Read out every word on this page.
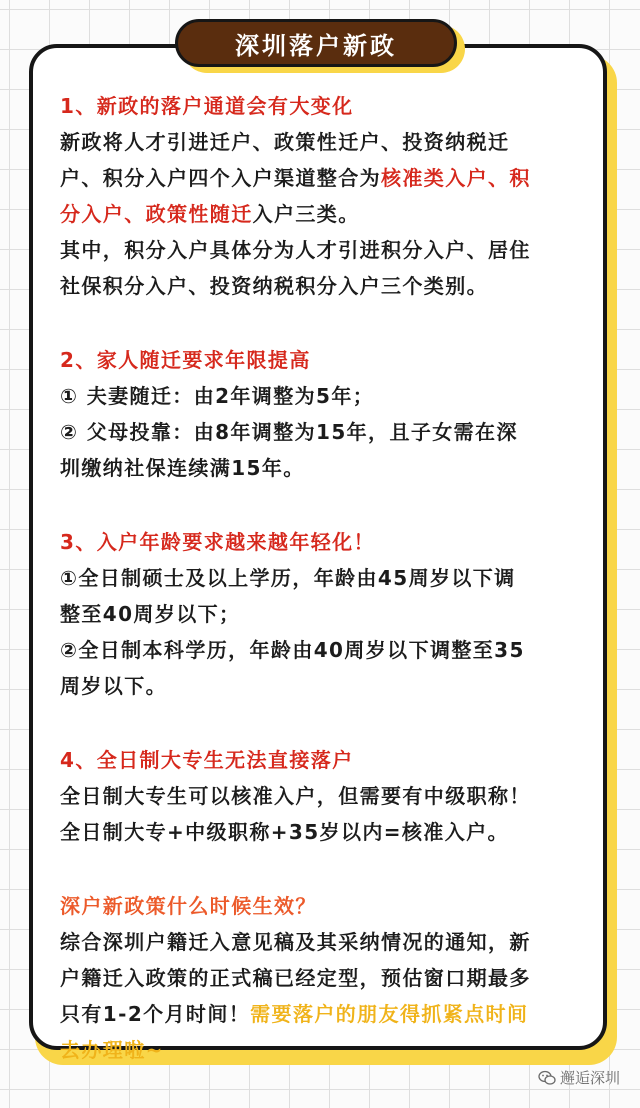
深圳落户新政
1、新政的落户通道会有大变化
新政将人才引进迁户、政策性迁户、投资纳税迁
户、积分入户四个入户渠道整合为核准类入户、积
分入户、政策性随迁入户三类。
其中，积分入户具体分为人才引进积分入户、居住
社保积分入户、投资纳税积分入户三个类别。
2、家人随迁要求年限提高
① 夫妻随迁：由2年调整为5年；
② 父母投靠：由8年调整为15年，且子女需在深
圳缴纳社保连续满15年。
3、入户年龄要求越来越年轻化！
①全日制硕士及以上学历，年龄由45周岁以下调
整至40周岁以下；
②全日制本科学历，年龄由40周岁以下调整至35
周岁以下。
4、全日制大专生无法直接落户
全日制大专生可以核准入户，但需要有中级职称！
全日制大专+中级职称+35岁以内=核准入户。
深户新政策什么时候生效？
综合深圳户籍迁入意见稿及其采纳情况的通知，新
户籍迁入政策的正式稿已经定型，预估窗口期最多
只有1-2个月时间！需要落户的朋友得抓紧点时间
去办理啦~
邂逅深圳
